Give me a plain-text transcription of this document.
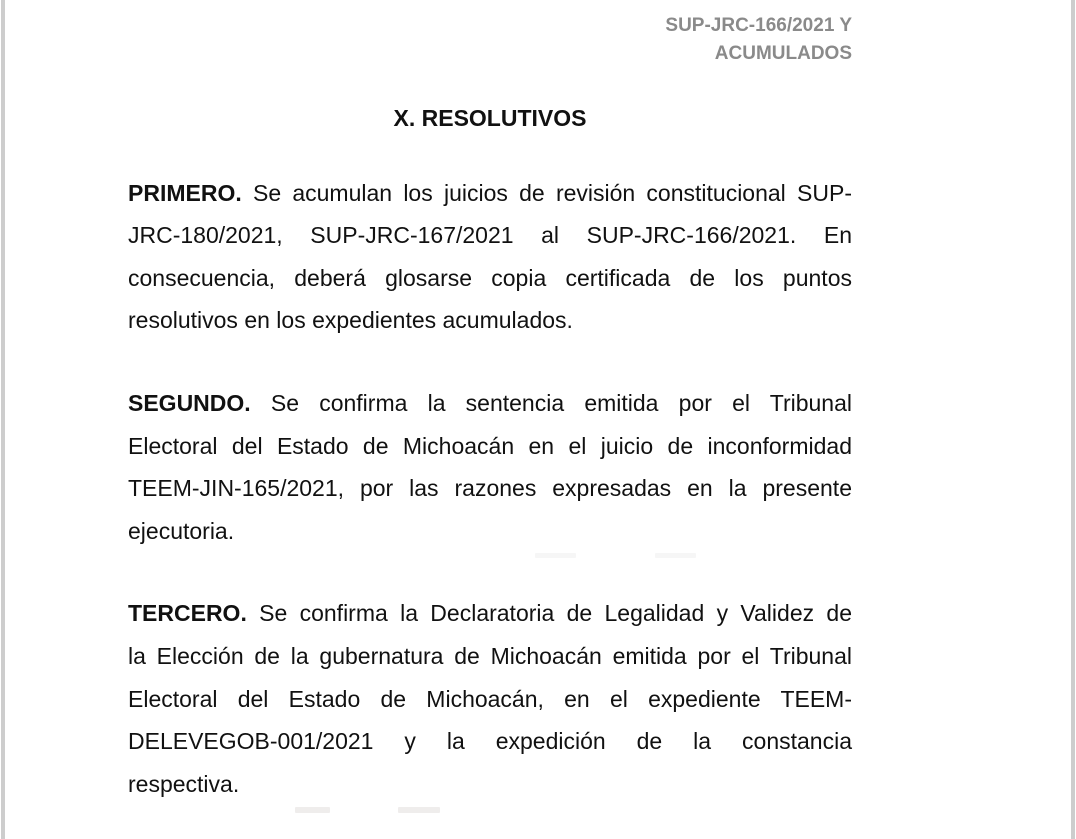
SUP-JRC-166/2021 Y
ACUMULADOS
X. RESOLUTIVOS
PRIMERO. Se acumulan los juicios de revisión constitucional SUP-
JRC-180/2021, SUP-JRC-167/2021 al SUP-JRC-166/2021. En
consecuencia, deberá glosarse copia certificada de los puntos
resolutivos en los expedientes acumulados.
SEGUNDO. Se confirma la sentencia emitida por el Tribunal
Electoral del Estado de Michoacán en el juicio de inconformidad
TEEM-JIN-165/2021, por las razones expresadas en la presente
ejecutoria.
TERCERO. Se confirma la Declaratoria de Legalidad y Validez de
la Elección de la gubernatura de Michoacán emitida por el Tribunal
Electoral del Estado de Michoacán, en el expediente TEEM-
DELEVEGOB-001/2021 y la expedición de la constancia
respectiva.
